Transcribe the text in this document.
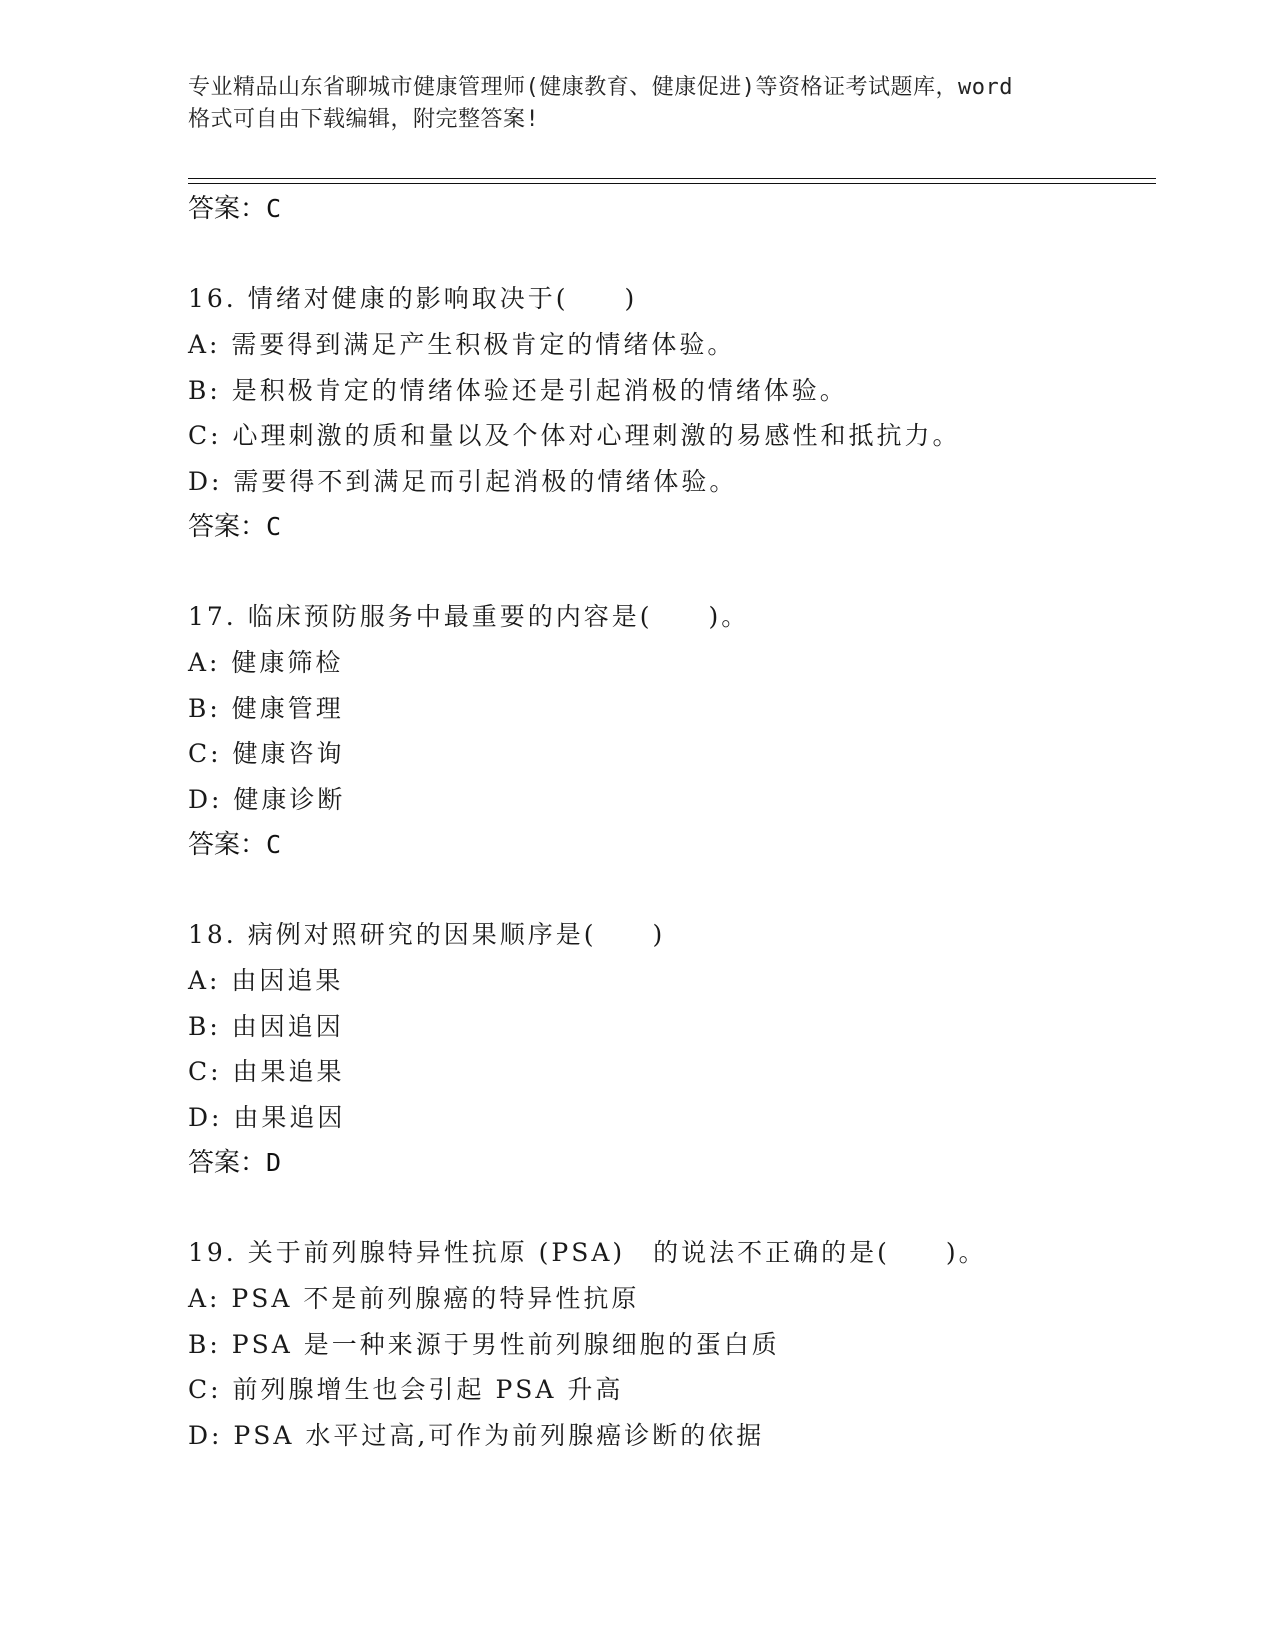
专业精品山东省聊城市健康管理师(健康教育、健康促进)等资格证考试题库，word
格式可自由下载编辑，附完整答案!
答案：C
16. 情绪对健康的影响取决于(　　)
A: 需要得到满足产生积极肯定的情绪体验。
B: 是积极肯定的情绪体验还是引起消极的情绪体验。
C: 心理刺激的质和量以及个体对心理刺激的易感性和抵抗力。
D: 需要得不到满足而引起消极的情绪体验。
答案：C
17. 临床预防服务中最重要的内容是(　　)。
A: 健康筛检
B: 健康管理
C: 健康咨询
D: 健康诊断
答案：C
18. 病例对照研究的因果顺序是(　　)
A: 由因追果
B: 由因追因
C: 由果追果
D: 由果追因
答案：D
19. 关于前列腺特异性抗原 (PSA)　的说法不正确的是(　　)。
A: PSA 不是前列腺癌的特异性抗原
B: PSA 是一种来源于男性前列腺细胞的蛋白质
C: 前列腺增生也会引起 PSA 升高
D: PSA 水平过高,可作为前列腺癌诊断的依据
